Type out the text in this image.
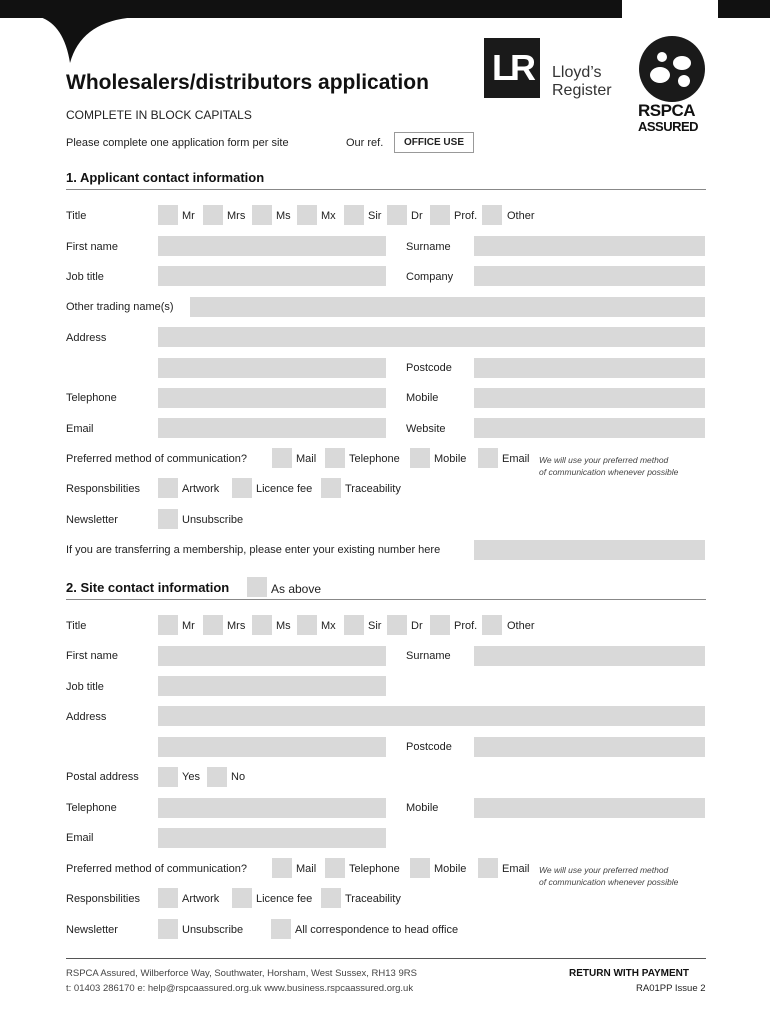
Wholesalers/distributors application
COMPLETE IN BLOCK CAPITALS
Please complete one application form per site	Our ref.	OFFICE USE
LR	Lloyd’s
Register
RSPCA
ASSURED
1. Applicant contact information
Title	Mr	Mrs	Ms	Mx	Sir	Dr	Prof.	Other
First name	Surname
Job title	Company
Other trading name(s)
Address
Postcode
Telephone	Mobile
Email	Website
Preferred method of communication?	Mail	Telephone	Mobile	Email We will use your preferred method
of communication whenever possible
Responsbilities	Artwork	Licence fee	Traceability
Newsletter	Unsubscribe
If you are transferring a membership, please enter your existing number here
2. Site contact information	As above
Title	Mr	Mrs	Ms	Mx	Sir	Dr	Prof.	Other
First name	Surname
Job title
Address
Postcode
Postal address	Yes	No
Telephone	Mobile
Email
Preferred method of communication?	Mail	Telephone	Mobile	Email We will use your preferred method
of communication whenever possible
Responsbilities	Artwork	Licence fee	Traceability
Newsletter	Unsubscribe	All correspondence to head office
RSPCA Assured, Wilberforce Way, Southwater, Horsham, West Sussex, RH13 9RS
t: 01403 286170 e: help@rspcaassured.org.uk www.business.rspcaassured.org.uk
RETURN WITH PAYMENT
RA01PP Issue 2
